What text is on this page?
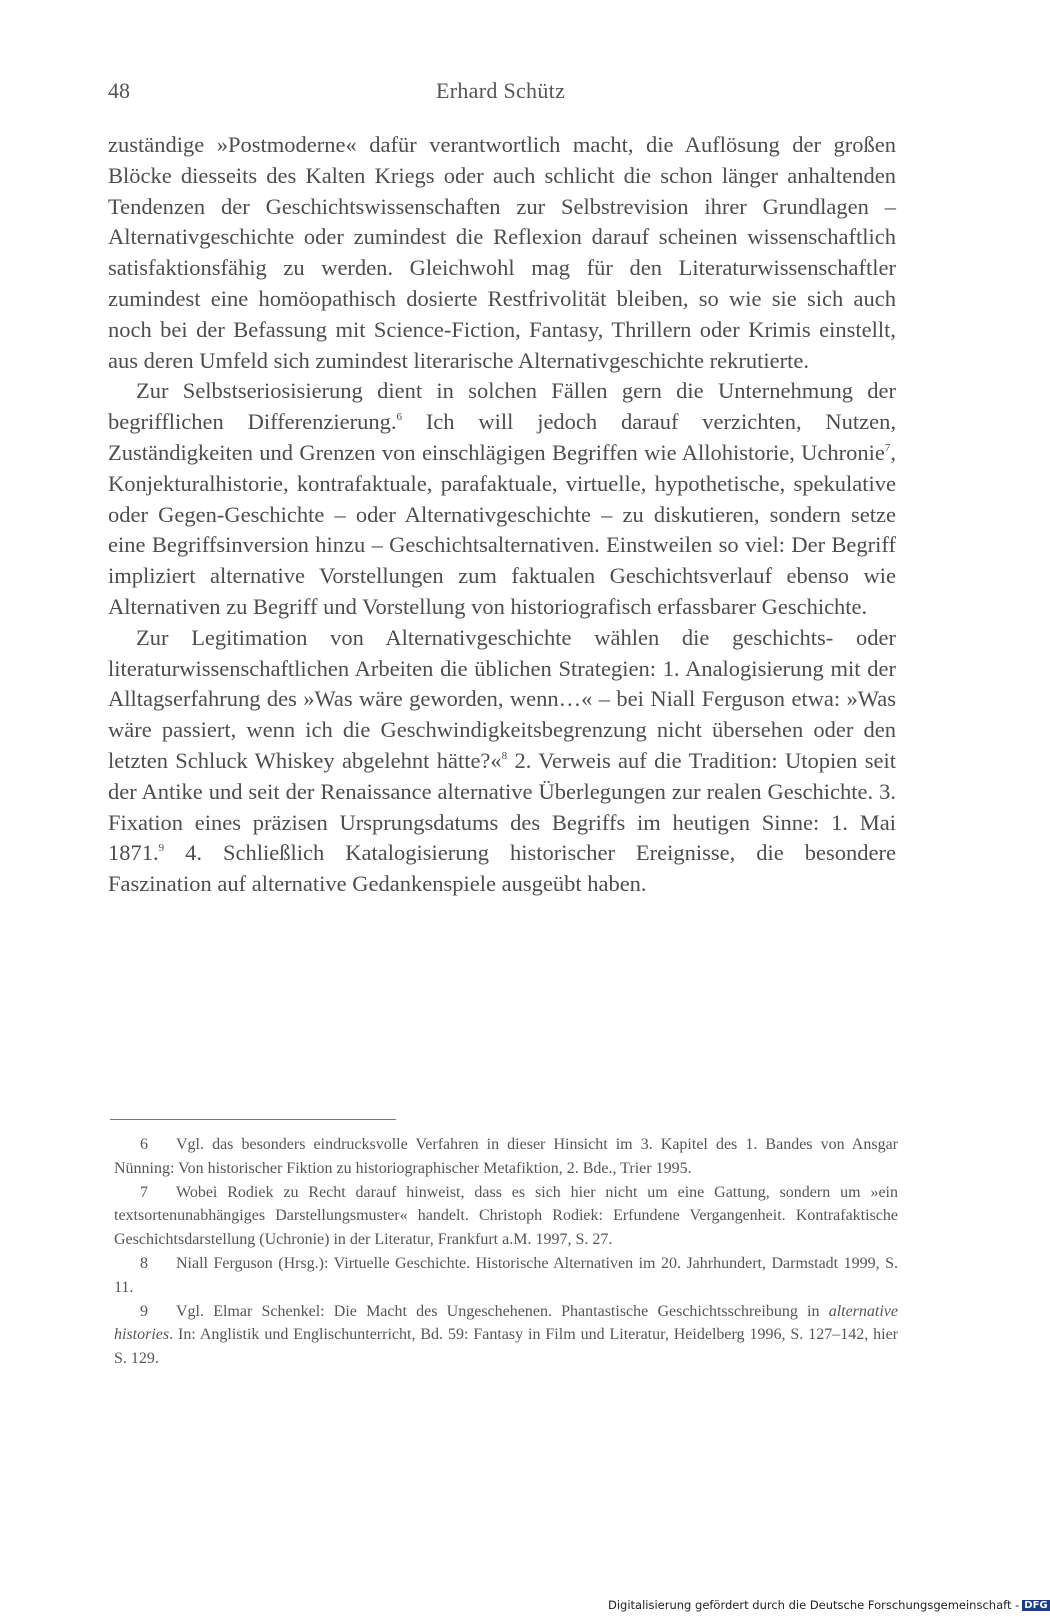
48	Erhard Schütz

zuständige »Postmoderne« dafür verantwortlich macht, die Auflösung der großen Blöcke diesseits des Kalten Kriegs oder auch schlicht die schon länger anhaltenden Tendenzen der Geschichtswissenschaften zur Selbstrevision ihrer Grundlagen – Alternativgeschichte oder zumindest die Reflexion darauf scheinen wissenschaftlich satisfaktionsfähig zu werden. Gleichwohl mag für den Literaturwissenschaftler zumindest eine homöopathisch dosierte Restfrivolität bleiben, so wie sie sich auch noch bei der Befassung mit Science-Fiction, Fantasy, Thrillern oder Krimis einstellt, aus deren Umfeld sich zumindest literarische Alternativgeschichte rekrutierte.

Zur Selbstseriosisierung dient in solchen Fällen gern die Unternehmung der begrifflichen Differenzierung.$^6$ Ich will jedoch darauf verzichten, Nutzen, Zuständigkeiten und Grenzen von einschlägigen Begriffen wie Allohistorie, Uchronie$^7$, Konjekturalhistorie, kontrafaktuale, parafaktuale, virtuelle, hypothetische, spekulative oder Gegen-Geschichte – oder Alternativgeschichte – zu diskutieren, sondern setze eine Begriffsinversion hinzu – Geschichtsalternativen. Einstweilen so viel: Der Begriff impliziert alternative Vorstellungen zum faktualen Geschichtsverlauf ebenso wie Alternativen zu Begriff und Vorstellung von historiografisch erfassbarer Geschichte.

Zur Legitimation von Alternativgeschichte wählen die geschichts- oder literaturwissenschaftlichen Arbeiten die üblichen Strategien: 1. Analogisierung mit der Alltagserfahrung des »Was wäre geworden, wenn…« – bei Niall Ferguson etwa: »Was wäre passiert, wenn ich die Geschwindigkeitsbegrenzung nicht übersehen oder den letzten Schluck Whiskey abgelehnt hätte?«$^8$ 2. Verweis auf die Tradition: Utopien seit der Antike und seit der Renaissance alternative Überlegungen zur realen Geschichte. 3. Fixation eines präzisen Ursprungsdatums des Begriffs im heutigen Sinne: 1. Mai 1871.$^9$ 4. Schließlich Katalogisierung historischer Ereignisse, die besondere Faszination auf alternative Gedankenspiele ausgeübt haben.

6 Vgl. das besonders eindrucksvolle Verfahren in dieser Hinsicht im 3. Kapitel des 1. Bandes von Ansgar Nünning: Von historischer Fiktion zu historiographischer Metafiktion, 2. Bde., Trier 1995.

7 Wobei Rodiek zu Recht darauf hinweist, dass es sich hier nicht um eine Gattung, sondern um »ein textsortenunabhängiges Darstellungsmuster« handelt. Christoph Rodiek: Erfundene Vergangenheit. Kontrafaktische Geschichtsdarstellung (Uchronie) in der Literatur, Frankfurt a.M. 1997, S. 27.

8 Niall Ferguson (Hrsg.): Virtuelle Geschichte. Historische Alternativen im 20. Jahrhundert, Darmstadt 1999, S. 11.

9 Vgl. Elmar Schenkel: Die Macht des Ungeschehenen. Phantastische Geschichtsschreibung in alternative histories. In: Anglistik und Englischunterricht, Bd. 59: Fantasy in Film und Literatur, Heidelberg 1996, S. 127–142, hier S. 129.

Digitalisierung gefördert durch die Deutsche Forschungsgemeinschaft - DFG
